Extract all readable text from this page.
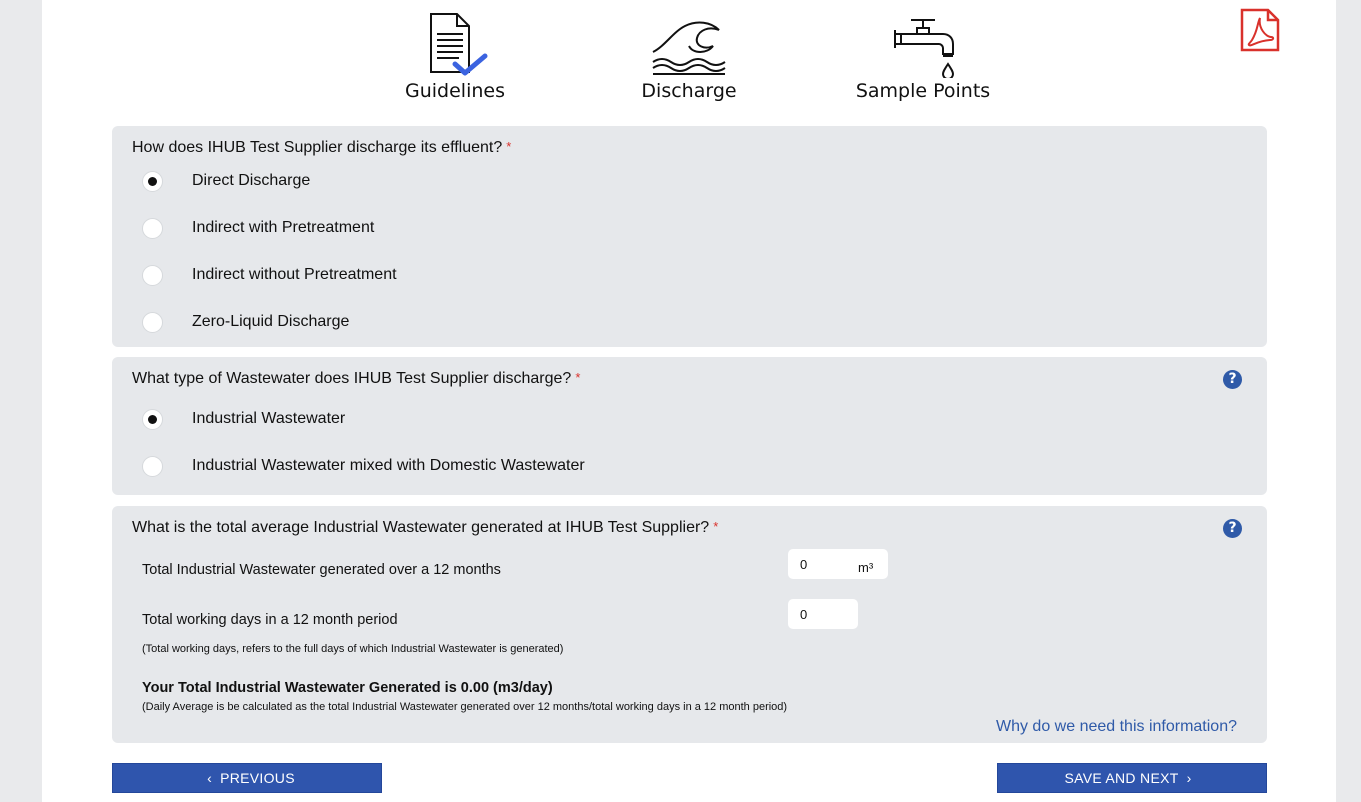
Guidelines	Discharge	Sample Points
How does IHUB Test Supplier discharge its effluent? *
Direct Discharge
Indirect with Pretreatment
Indirect without Pretreatment
Zero-Liquid Discharge
What type of Wastewater does IHUB Test Supplier discharge? *	?
Industrial Wastewater
Industrial Wastewater mixed with Domestic Wastewater
What is the total average Industrial Wastewater generated at IHUB Test Supplier? *	?
Total Industrial Wastewater generated over a 12 months
0	m³
Total working days in a 12 month period
0
(Total working days, refers to the full days of which Industrial Wastewater is generated)
Your Total Industrial Wastewater Generated is 0.00 (m3/day)
(Daily Average is be calculated as the total Industrial Wastewater generated over 12 months/total working days in a 12 month period)
Why do we need this information?
‹ PREVIOUS	SAVE AND NEXT ›
